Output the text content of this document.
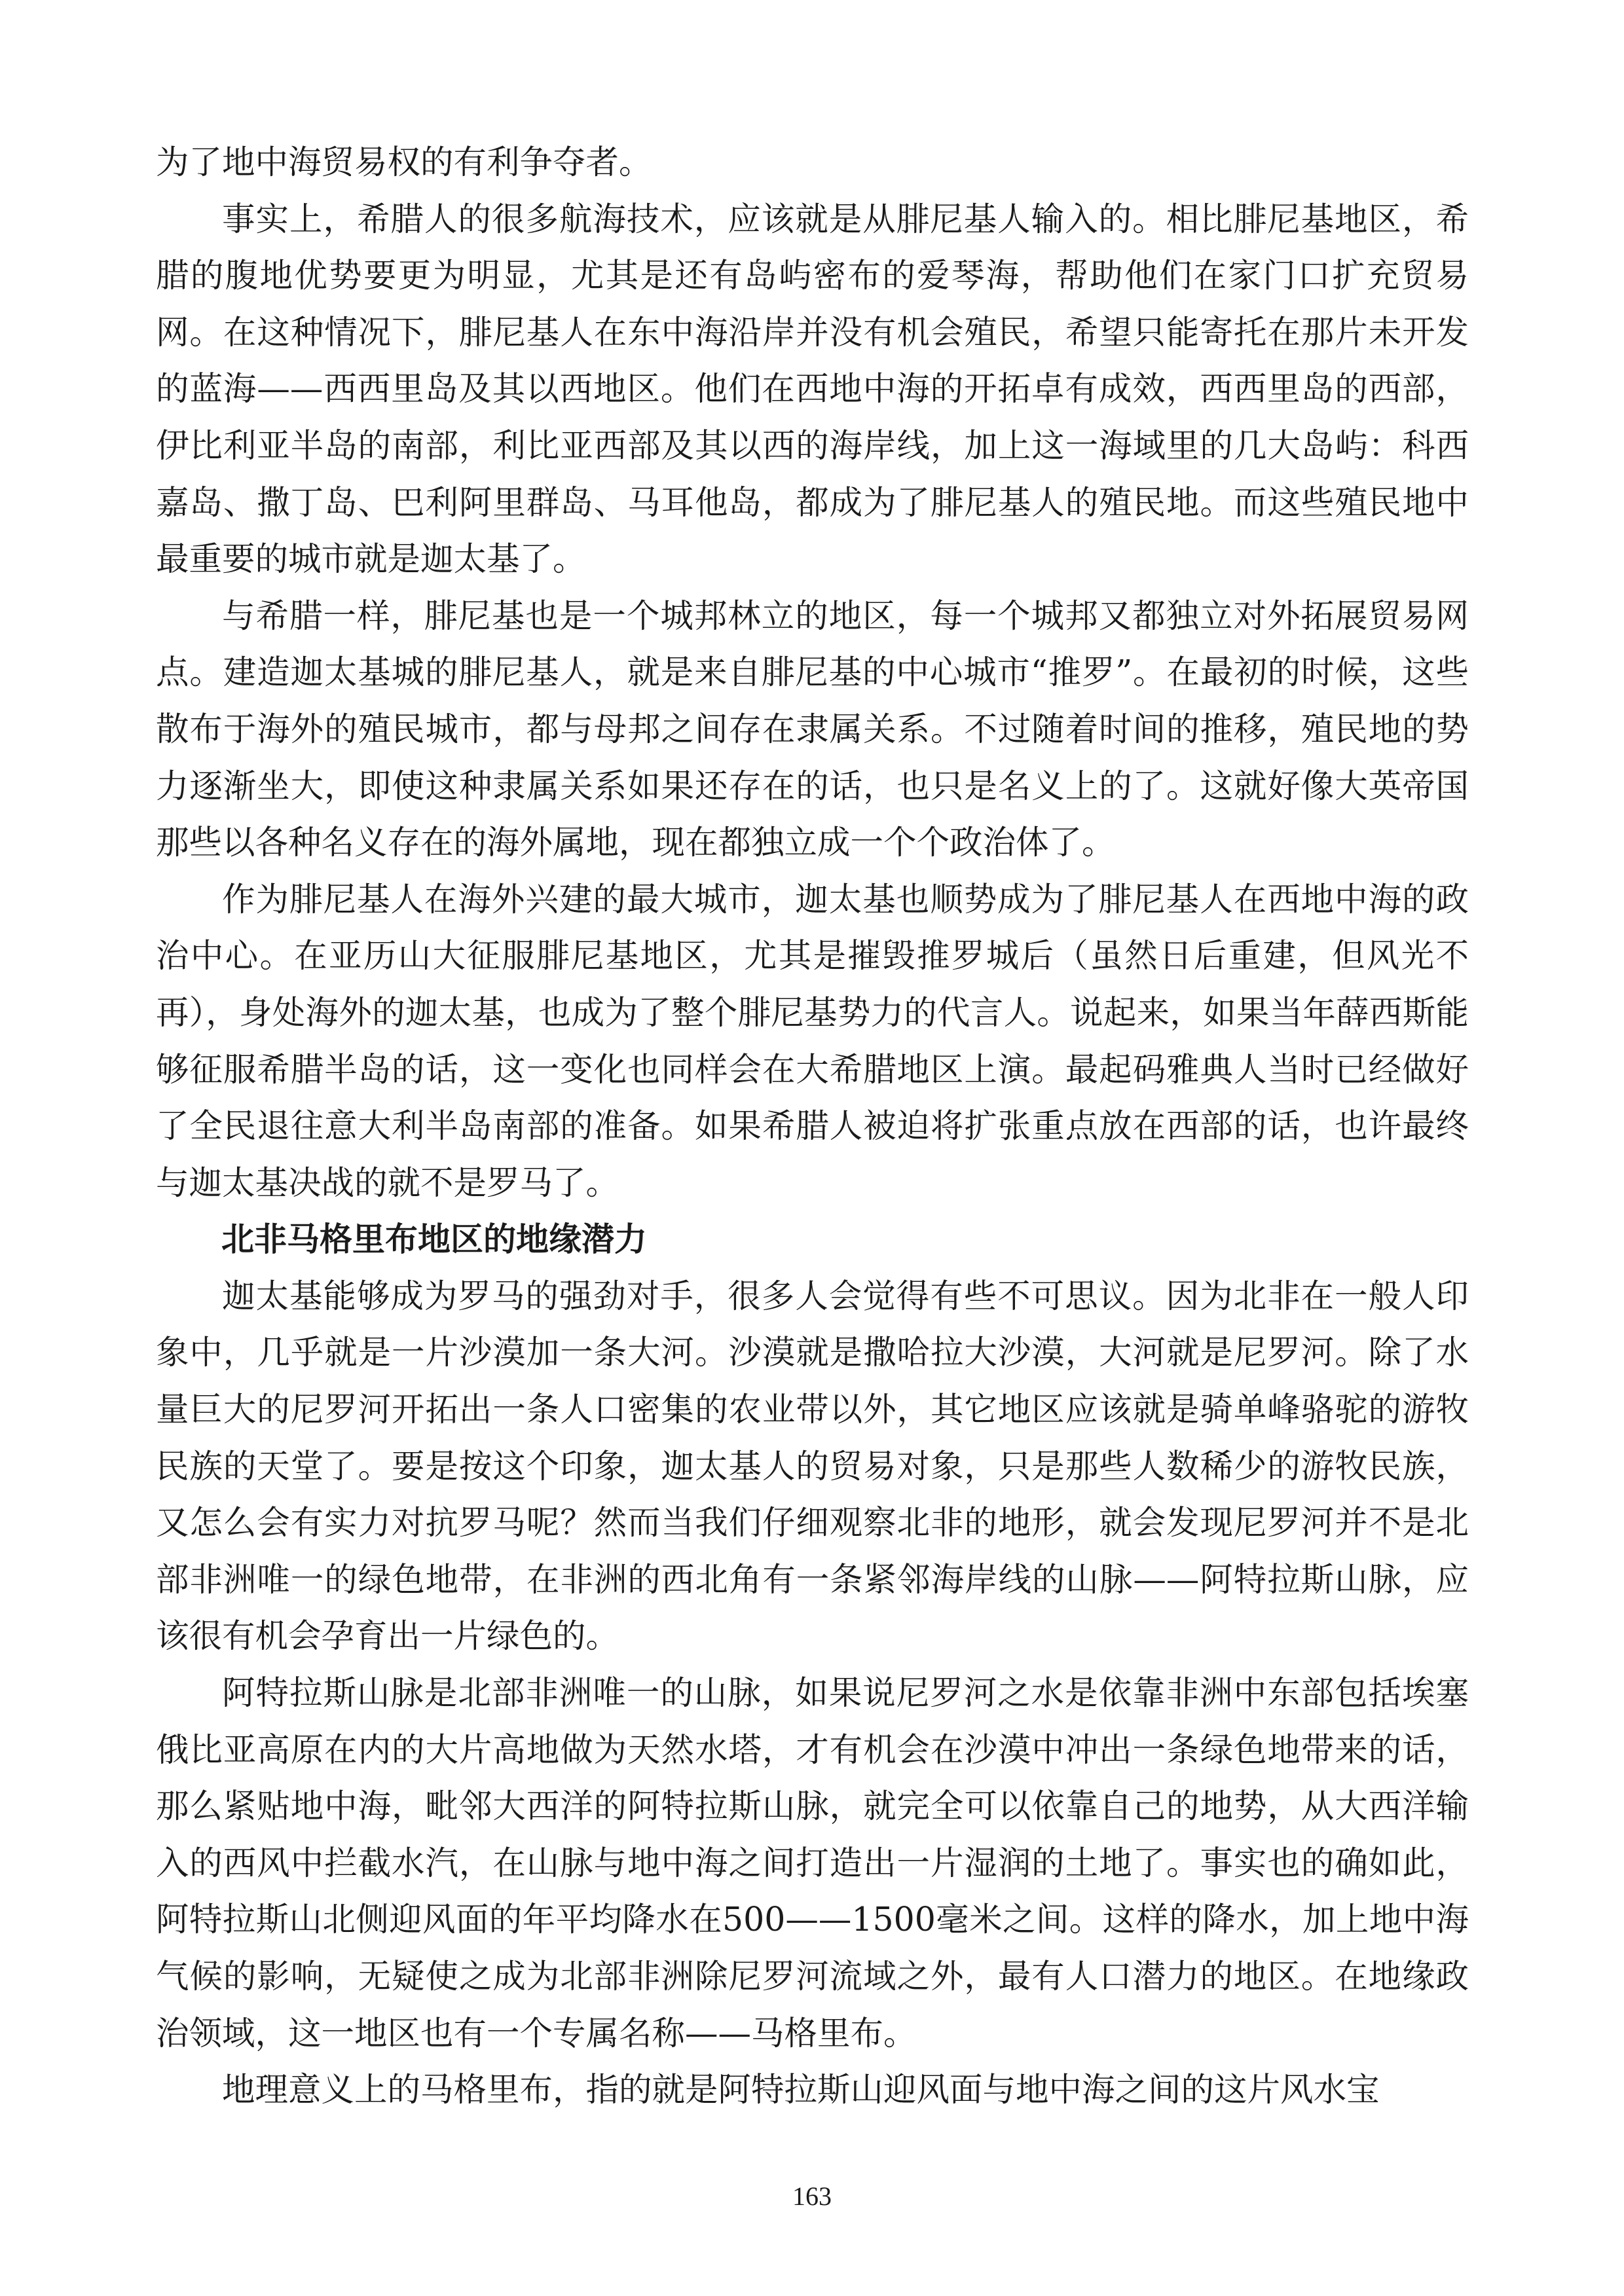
为了地中海贸易权的有利争夺者。

事实上，希腊人的很多航海技术，应该就是从腓尼基人输入的。相比腓尼基地区，希腊的腹地优势要更为明显，尤其是还有岛屿密布的爱琴海，帮助他们在家门口扩充贸易网。在这种情况下，腓尼基人在东中海沿岸并没有机会殖民，希望只能寄托在那片未开发的蓝海——西西里岛及其以西地区。他们在西地中海的开拓卓有成效，西西里岛的西部，伊比利亚半岛的南部，利比亚西部及其以西的海岸线，加上这一海域里的几大岛屿：科西嘉岛、撒丁岛、巴利阿里群岛、马耳他岛，都成为了腓尼基人的殖民地。而这些殖民地中最重要的城市就是迦太基了。

与希腊一样，腓尼基也是一个城邦林立的地区，每一个城邦又都独立对外拓展贸易网点。建造迦太基城的腓尼基人，就是来自腓尼基的中心城市“推罗”。在最初的时候，这些散布于海外的殖民城市，都与母邦之间存在隶属关系。不过随着时间的推移，殖民地的势力逐渐坐大，即使这种隶属关系如果还存在的话，也只是名义上的了。这就好像大英帝国那些以各种名义存在的海外属地，现在都独立成一个个政治体了。

作为腓尼基人在海外兴建的最大城市，迦太基也顺势成为了腓尼基人在西地中海的政治中心。在亚历山大征服腓尼基地区，尤其是摧毁推罗城后（虽然日后重建，但风光不再），身处海外的迦太基，也成为了整个腓尼基势力的代言人。说起来，如果当年薛西斯能够征服希腊半岛的话，这一变化也同样会在大希腊地区上演。最起码雅典人当时已经做好了全民退往意大利半岛南部的准备。如果希腊人被迫将扩张重点放在西部的话，也许最终与迦太基决战的就不是罗马了。

北非马格里布地区的地缘潜力

迦太基能够成为罗马的强劲对手，很多人会觉得有些不可思议。因为北非在一般人印象中，几乎就是一片沙漠加一条大河。沙漠就是撒哈拉大沙漠，大河就是尼罗河。除了水量巨大的尼罗河开拓出一条人口密集的农业带以外，其它地区应该就是骑单峰骆驼的游牧民族的天堂了。要是按这个印象，迦太基人的贸易对象，只是那些人数稀少的游牧民族，又怎么会有实力对抗罗马呢？然而当我们仔细观察北非的地形，就会发现尼罗河并不是北部非洲唯一的绿色地带，在非洲的西北角有一条紧邻海岸线的山脉——阿特拉斯山脉，应该很有机会孕育出一片绿色的。

阿特拉斯山脉是北部非洲唯一的山脉，如果说尼罗河之水是依靠非洲中东部包括埃塞俄比亚高原在内的大片高地做为天然水塔，才有机会在沙漠中冲出一条绿色地带来的话，那么紧贴地中海，毗邻大西洋的阿特拉斯山脉，就完全可以依靠自己的地势，从大西洋输入的西风中拦截水汽，在山脉与地中海之间打造出一片湿润的土地了。事实也的确如此，阿特拉斯山北侧迎风面的年平均降水在500——1500毫米之间。这样的降水，加上地中海气候的影响，无疑使之成为北部非洲除尼罗河流域之外，最有人口潜力的地区。在地缘政治领域，这一地区也有一个专属名称——马格里布。

地理意义上的马格里布，指的就是阿特拉斯山迎风面与地中海之间的这片风水宝

163
